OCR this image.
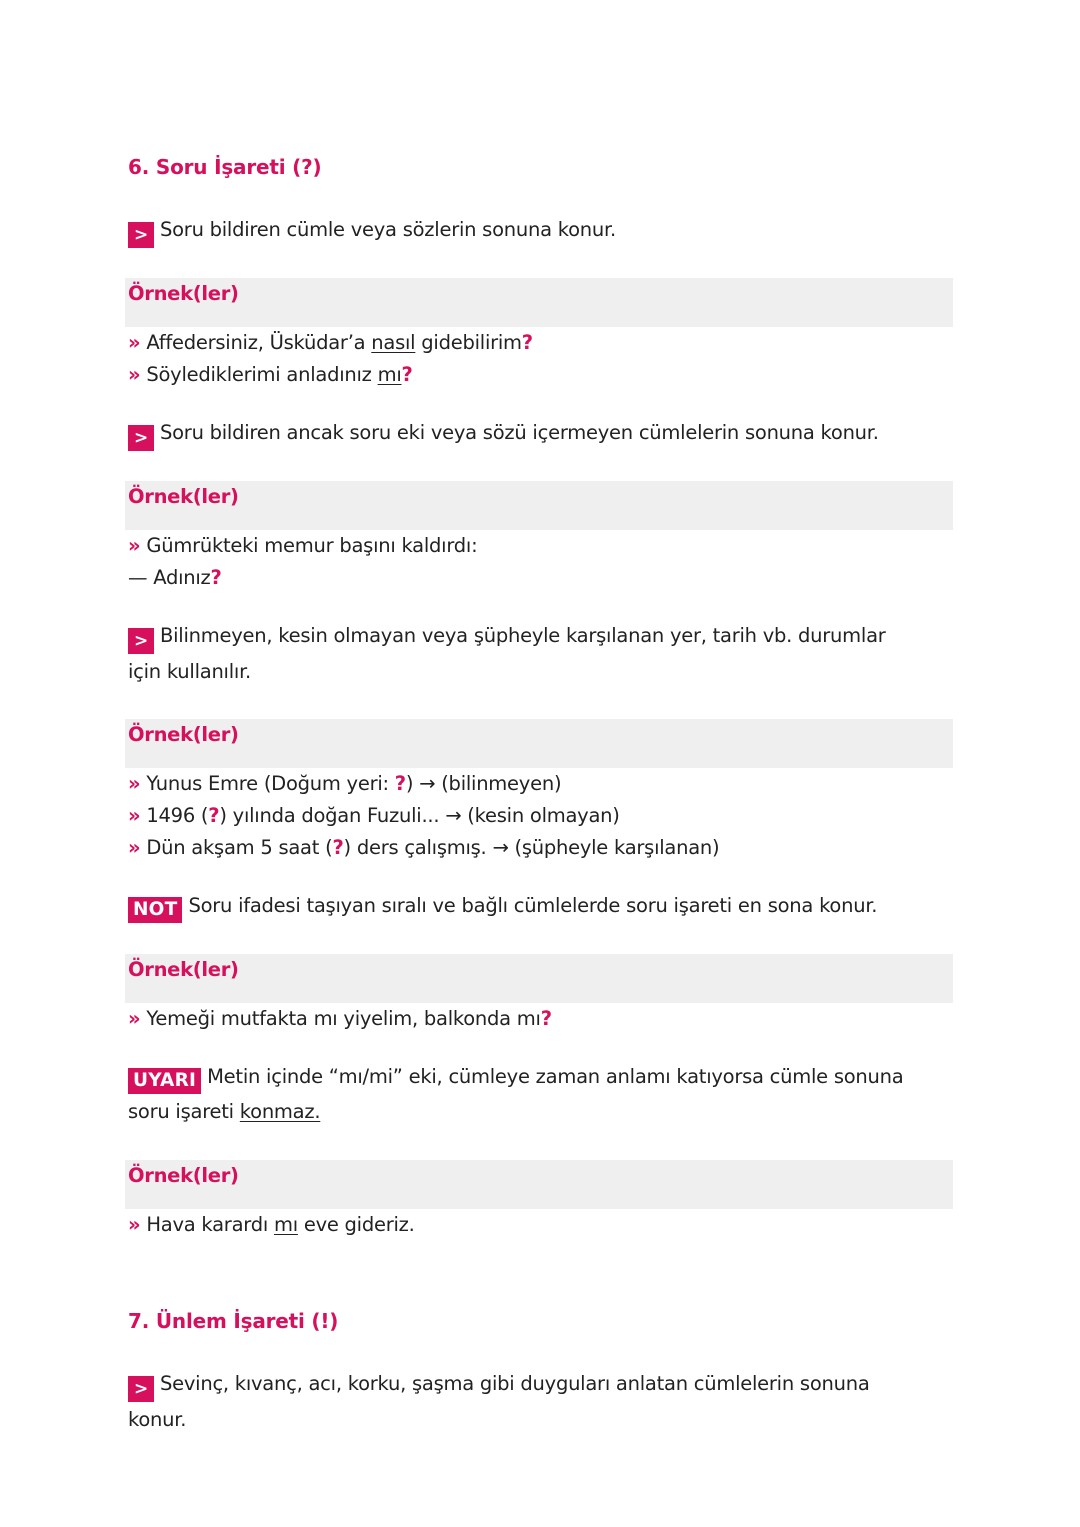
6. Soru İşareti (?)
> Soru bildiren cümle veya sözlerin sonuna konur.
Örnek(ler)
» Affedersiniz, Üsküdar’a nasıl gidebilirim?
» Söylediklerimi anladınız mı?
> Soru bildiren ancak soru eki veya sözü içermeyen cümlelerin sonuna konur.
Örnek(ler)
» Gümrükteki memur başını kaldırdı:
— Adınız?
> Bilinmeyen, kesin olmayan veya şüpheyle karşılanan yer, tarih vb. durumlar için kullanılır.
Örnek(ler)
» Yunus Emre (Doğum yeri: ?) → (bilinmeyen)
» 1496 (?) yılında doğan Fuzuli... → (kesin olmayan)
» Dün akşam 5 saat (?) ders çalışmış. → (şüpheyle karşılanan)
NOT Soru ifadesi taşıyan sıralı ve bağlı cümlelerde soru işareti en sona konur.
Örnek(ler)
» Yemeği mutfakta mı yiyelim, balkonda mı?
UYARI Metin içinde “mı/mi” eki, cümleye zaman anlamı katıyorsa cümle sonuna soru işareti konmaz.
Örnek(ler)
» Hava karardı mı eve gideriz.
7. Ünlem İşareti (!)
> Sevinç, kıvanç, acı, korku, şaşma gibi duyguları anlatan cümlelerin sonuna konur.
